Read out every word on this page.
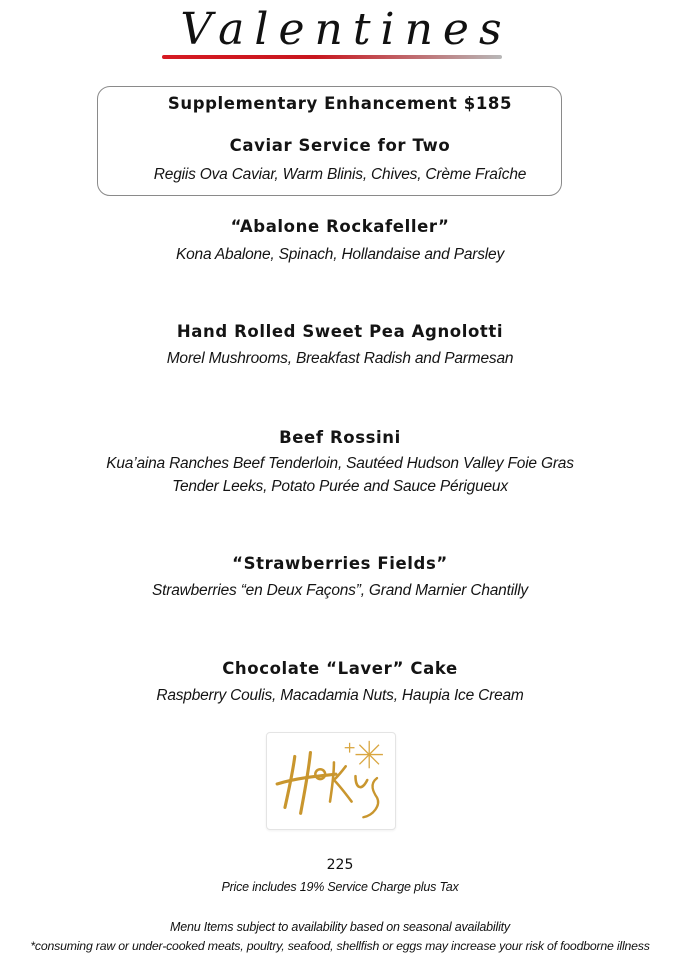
Valentines
Supplementary Enhancement $185
Caviar Service for Two
Regiis Ova Caviar, Warm Blinis, Chives, Crème Fraîche
“Abalone Rockafeller”
Kona Abalone, Spinach, Hollandaise and Parsley
Hand Rolled Sweet Pea Agnolotti
Morel Mushrooms, Breakfast Radish and Parmesan
Beef Rossini
Kua’aina Ranches Beef Tenderloin, Sautéed Hudson Valley Foie Gras
Tender Leeks, Potato Purée and Sauce Périgueux
“Strawberries Fields”
Strawberries “en Deux Façons”, Grand Marnier Chantilly
Chocolate “Laver” Cake
Raspberry Coulis, Macadamia Nuts, Haupia Ice Cream
225
Price includes 19% Service Charge plus Tax
Menu Items subject to availability based on seasonal availability
*consuming raw or under-cooked meats, poultry, seafood, shellfish or eggs may increase your risk of foodborne illness
